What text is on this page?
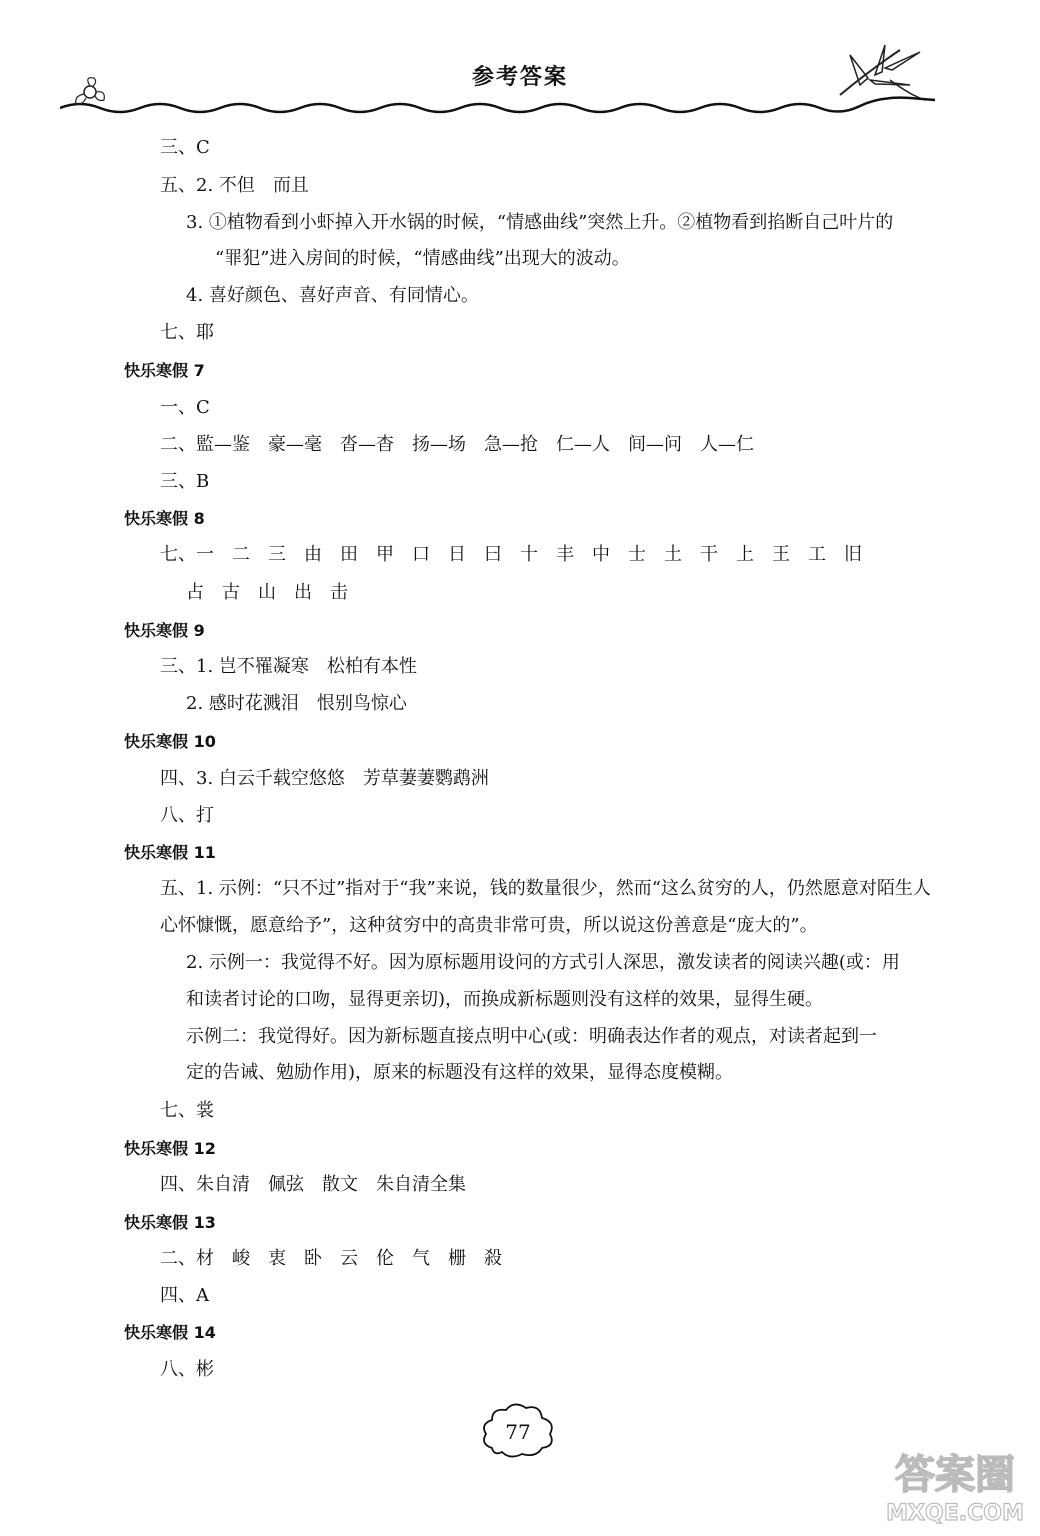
参考答案
三、C
五、2. 不但　而且
3. ①植物看到小虾掉入开水锅的时候，“情感曲线”突然上升。②植物看到掐断自己叶片的
“罪犯”进入房间的时候，“情感曲线”出现大的波动。
4. 喜好颜色、喜好声音、有同情心。
七、耶
快乐寒假 7
一、C
二、監—鉴　豪—毫　沓—杳　扬—场　急—抢　仁—人　间—问　人—仁
三、B
快乐寒假 8
七、一　二　三　由　田　甲　口　日　曰　十　丰　中　士　土　干　上　王　工　旧
占　古　山　出　击
快乐寒假 9
三、1. 岂不罹凝寒　松柏有本性
2. 感时花溅泪　恨别鸟惊心
快乐寒假 10
四、3. 白云千载空悠悠　芳草萋萋鹦鹉洲
八、打
快乐寒假 11
五、1. 示例：“只不过”指对于“我”来说，钱的数量很少，然而“这么贫穷的人，仍然愿意对陌生人
心怀慷慨，愿意给予”，这种贫穷中的高贵非常可贵，所以说这份善意是“庞大的”。
2. 示例一：我觉得不好。因为原标题用设问的方式引人深思，激发读者的阅读兴趣(或：用
和读者讨论的口吻，显得更亲切)，而换成新标题则没有这样的效果，显得生硬。
示例二：我觉得好。因为新标题直接点明中心(或：明确表达作者的观点，对读者起到一
定的告诫、勉励作用)，原来的标题没有这样的效果，显得态度模糊。
七、裳
快乐寒假 12
四、朱自清　佩弦　散文　朱自清全集
快乐寒假 13
二、材　峻　衷　卧　云　伦　气　栅　殺
四、A
快乐寒假 14
八、彬
77
答案圈
MXQE.COM
